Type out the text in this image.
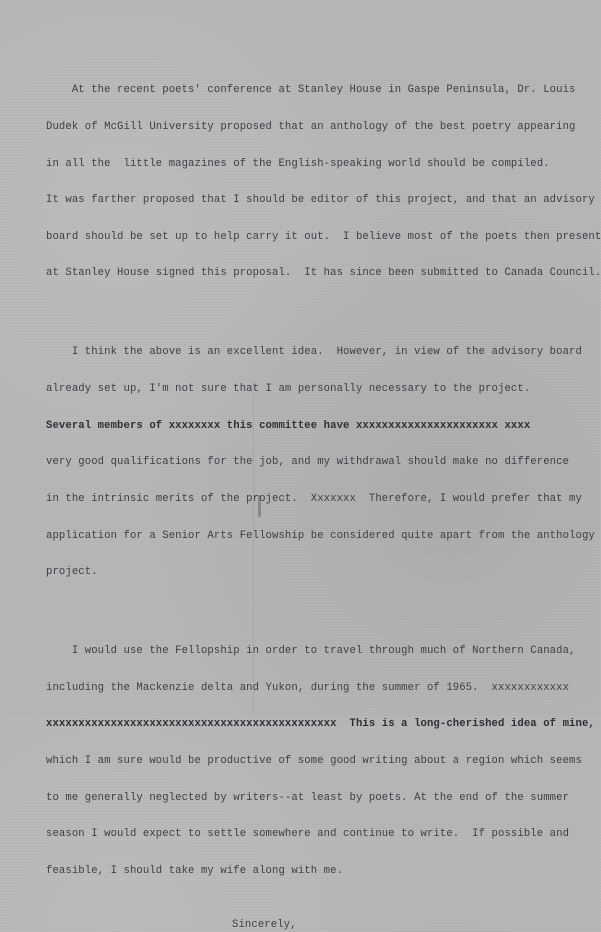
At the recent poets' conference at Stanley House in Gaspe Peninsula, Dr. Louis

Dudek of McGill University proposed that an anthology of the best poetry appearing

in all the  little magazines of the English-speaking world should be compiled.

It was farther proposed that I should be editor of this project, and that an advisory

board should be set up to help carry it out.  I believe most of the poets then present

at Stanley House signed this proposal.  It has since been submitted to Canada Council.

I think the above is an excellent idea.  However, in view of the advisory board

already set up, I'm not sure that I am personally necessary to the project.

Several members of xxxxxxxx this committee have xxxxxxxxxxxxxxxxxxxxxx xxxx

very good qualifications for the job, and my withdrawal should make no difference

in the intrinsic merits of the project.  Xxxxxxx  Therefore, I would prefer that my

application for a Senior Arts Fellowship be considered quite apart from the anthology

project.

I would use the Fellopship in order to travel through much of Northern Canada,

including the Mackenzie delta and Yukon, during the summer of 1965.  xxxxxxxxxxxx

xxxxxxxxxxxxxxxxxxxxxxxxxxxxxxxxxxxxxxxxxxxxx  This is a long-cherished idea of mine,

which I am sure would be productive of some good writing about a region which seems

to me generally neglected by writers--at least by poets. At the end of the summer

season I would expect to settle somewhere and continue to write.  If possible and

feasible, I should take my wife along with me.

Sincerely,
